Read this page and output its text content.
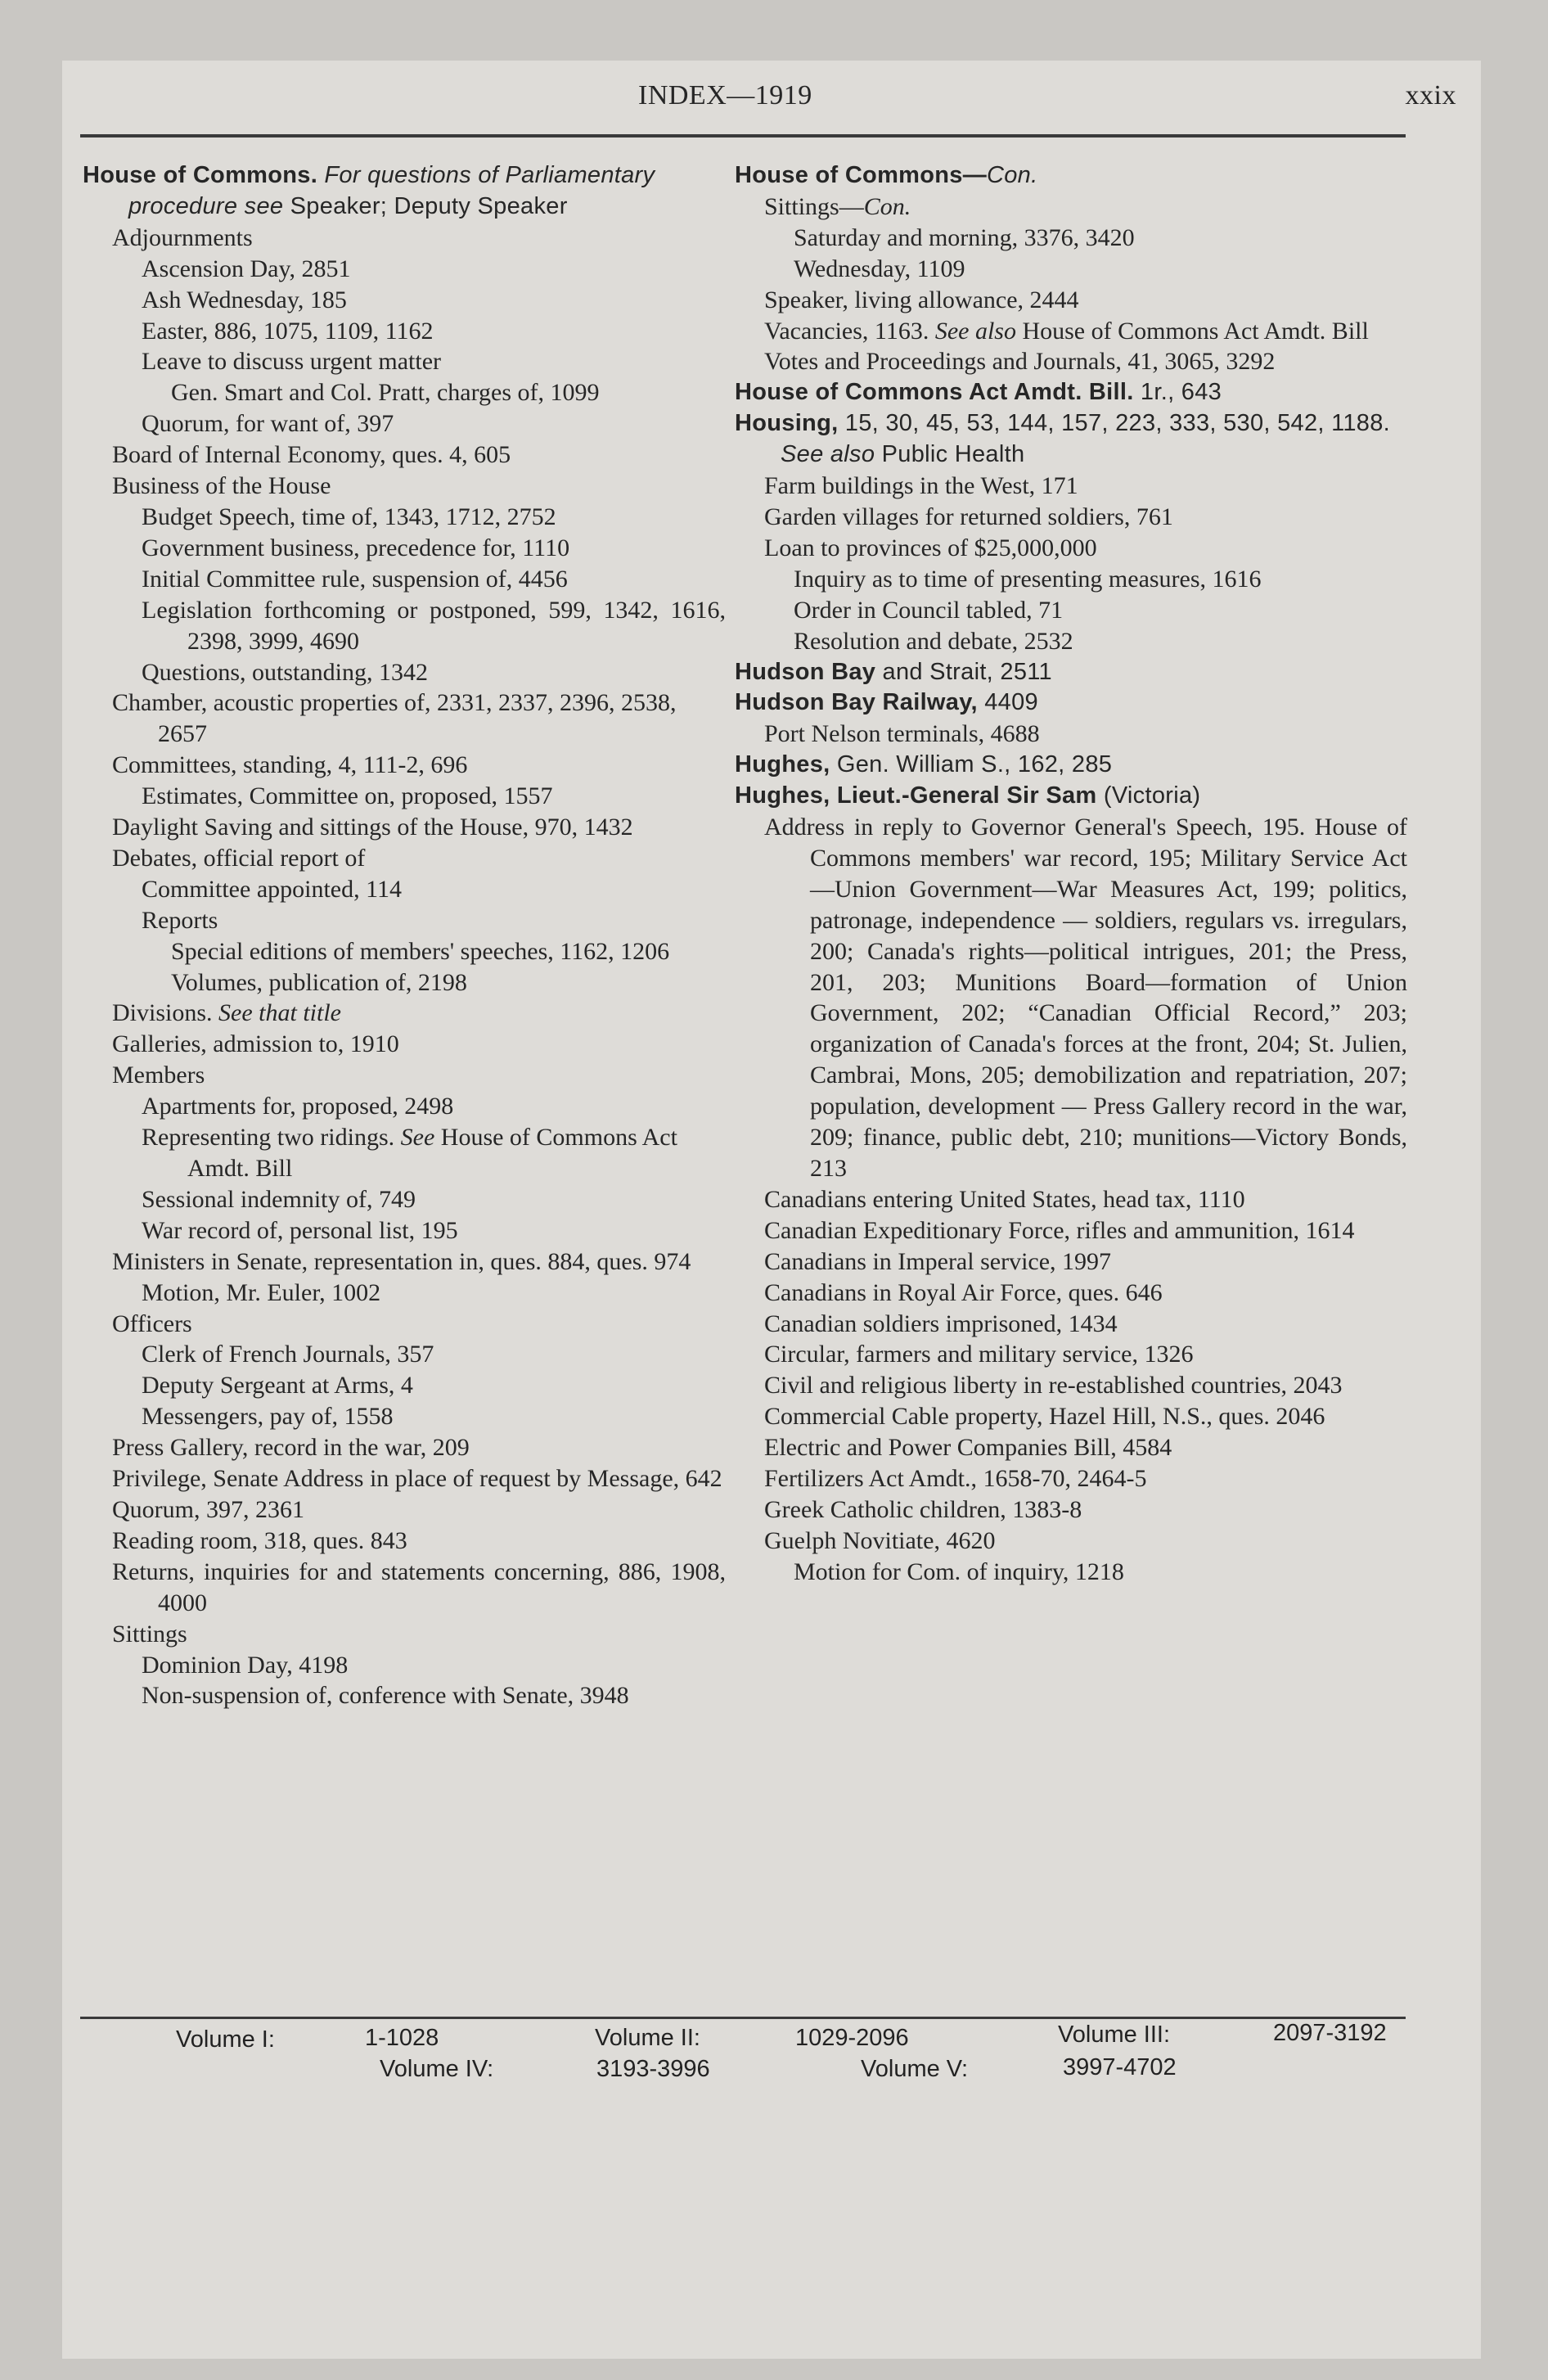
INDEX—1919	xxix
House of Commons. For questions of Parliamentary procedure see Speaker; Deputy Speaker
Adjournments
Ascension Day, 2851
Ash Wednesday, 185
Easter, 886, 1075, 1109, 1162
Leave to discuss urgent matter
Gen. Smart and Col. Pratt, charges of, 1099
Quorum, for want of, 397
Board of Internal Economy, ques. 4, 605
Business of the House
Budget Speech, time of, 1343, 1712, 2752
Government business, precedence for, 1110
Initial Committee rule, suspension of, 4456
Legislation forthcoming or postponed, 599, 1342, 1616, 2398, 3999, 4690
Questions, outstanding, 1342
Chamber, acoustic properties of, 2331, 2337, 2396, 2538, 2657
Committees, standing, 4, 111-2, 696
Estimates, Committee on, proposed, 1557
Daylight Saving and sittings of the House, 970, 1432
Debates, official report of
Committee appointed, 114
Reports
Special editions of members' speeches, 1162, 1206
Volumes, publication of, 2198
Divisions. See that title
Galleries, admission to, 1910
Members
Apartments for, proposed, 2498
Representing two ridings. See House of Commons Act Amdt. Bill
Sessional indemnity of, 749
War record of, personal list, 195
Ministers in Senate, representation in, ques. 884, ques. 974
Motion, Mr. Euler, 1002
Officers
Clerk of French Journals, 357
Deputy Sergeant at Arms, 4
Messengers, pay of, 1558
Press Gallery, record in the war, 209
Privilege, Senate Address in place of request by Message, 642
Quorum, 397, 2361
Reading room, 318, ques. 843
Returns, inquiries for and statements concerning, 886, 1908, 4000
Sittings
Dominion Day, 4198
Non-suspension of, conference with Senate, 3948
House of Commons—Con.
Sittings—Con.
Saturday and morning, 3376, 3420
Wednesday, 1109
Speaker, living allowance, 2444
Vacancies, 1163. See also House of Commons Act Amdt. Bill
Votes and Proceedings and Journals, 41, 3065, 3292
House of Commons Act Amdt. Bill. 1r., 643
Housing, 15, 30, 45, 53, 144, 157, 223, 333, 530, 542, 1188. See also Public Health
Farm buildings in the West, 171
Garden villages for returned soldiers, 761
Loan to provinces of $25,000,000
Inquiry as to time of presenting measures, 1616
Order in Council tabled, 71
Resolution and debate, 2532
Hudson Bay and Strait, 2511
Hudson Bay Railway, 4409
Port Nelson terminals, 4688
Hughes, Gen. William S., 162, 285
Hughes, Lieut.-General Sir Sam (Victoria)
Address in reply to Governor General's Speech, 195. House of Commons members' war record, 195; Military Service Act—Union Government—War Measures Act, 199; politics, patronage, independence — soldiers, regulars vs. irregulars, 200; Canada's rights—political intrigues, 201; the Press, 201, 203; Munitions Board—formation of Union Government, 202; “Canadian Official Record,” 203; organization of Canada's forces at the front, 204; St. Julien, Cambrai, Mons, 205; demobilization and repatriation, 207; population, development — Press Gallery record in the war, 209; finance, public debt, 210; munitions—Victory Bonds, 213
Canadians entering United States, head tax, 1110
Canadian Expeditionary Force, rifles and ammunition, 1614
Canadians in Imperal service, 1997
Canadians in Royal Air Force, ques. 646
Canadian soldiers imprisoned, 1434
Circular, farmers and military service, 1326
Civil and religious liberty in re-established countries, 2043
Commercial Cable property, Hazel Hill, N.S., ques. 2046
Electric and Power Companies Bill, 4584
Fertilizers Act Amdt., 1658-70, 2464-5
Greek Catholic children, 1383-8
Guelph Novitiate, 4620
Motion for Com. of inquiry, 1218
Volume I:	1-1028	Volume II:	1029-2096	Volume III:	2097-3192
Volume IV:	3193-3996	Volume V:	3997-4702
